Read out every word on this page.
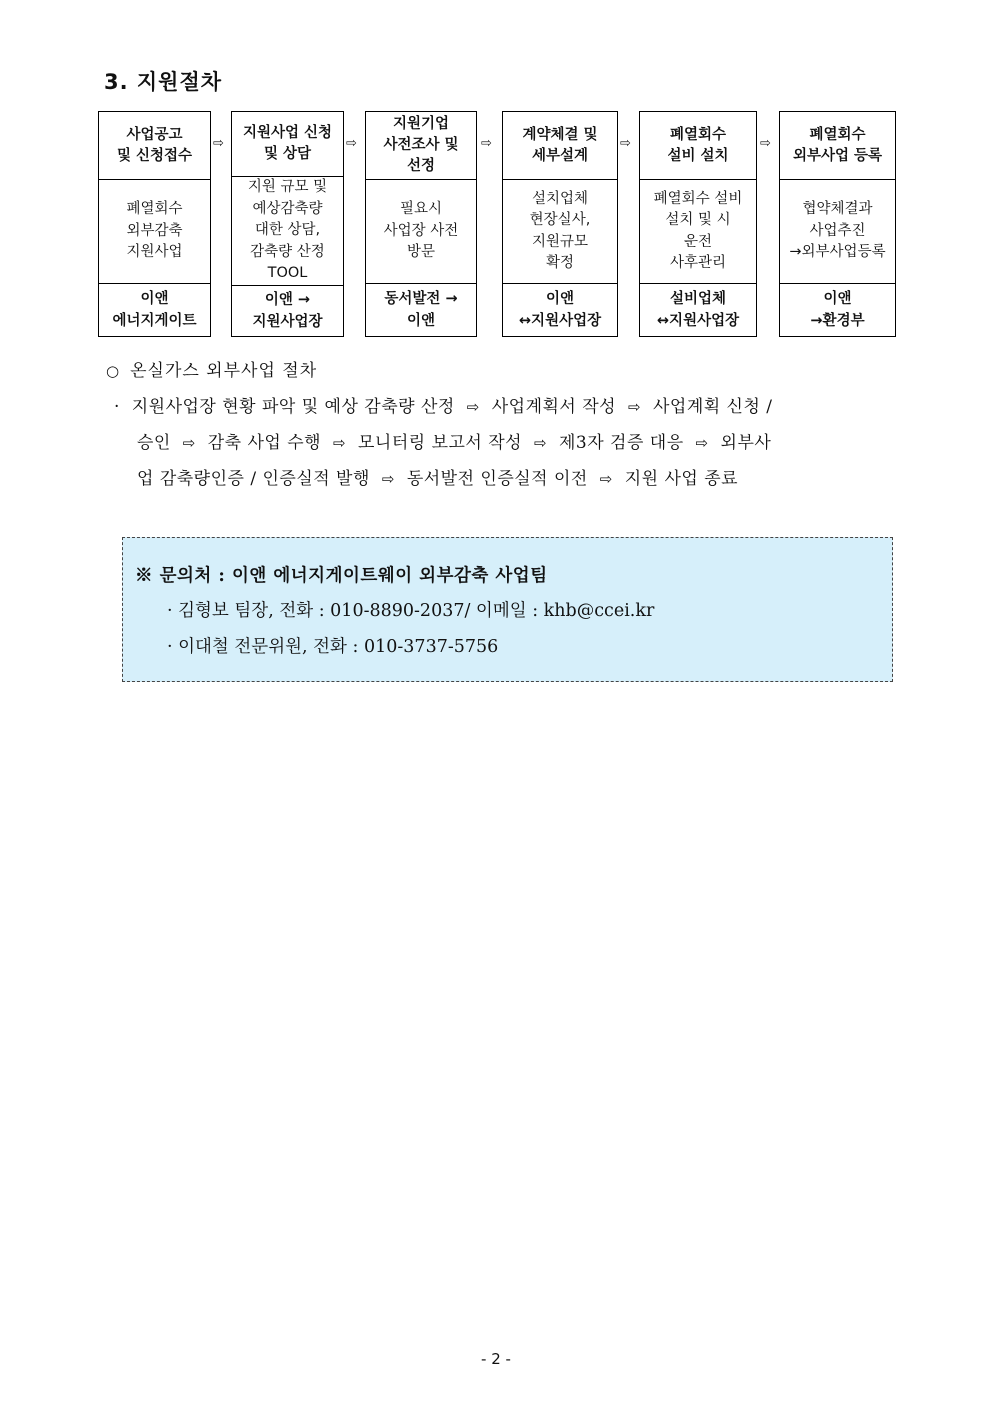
3. 지원절차
사업공고
및 신청접수
폐열회수
외부감축
지원사업
이앤
에너지게이트
⇨
지원사업 신청
및 상담
지원 규모 및
예상감축량
대한 상담,
감축량 산정
TOOL
이앤 →
지원사업장
⇨
지원기업
사전조사 및
선정
필요시
사업장 사전
방문
동서발전 →
이앤
⇨
계약체결 및
세부설계
설치업체
현장실사,
지원규모
확정
이앤
↔지원사업장
⇨
폐열회수
설비 설치
폐열회수 설비
설치 및 시
운전
사후관리
설비업체
↔지원사업장
⇨
폐열회수
외부사업 등록
협약체결과
사업추진
→외부사업등록
이앤
→환경부
○ 온실가스 외부사업 절차
· 지원사업장 현황 파악 및 예상 감축량 산정 ⇨ 사업계획서 작성 ⇨ 사업계획 신청 /
승인 ⇨ 감축 사업 수행 ⇨ 모니터링 보고서 작성 ⇨ 제3자 검증 대응 ⇨ 외부사
업 감축량인증 / 인증실적 발행 ⇨ 동서발전 인증실적 이전 ⇨ 지원 사업 종료
※ 문의처 : 이앤 에너지게이트웨이 외부감축 사업팀
· 김형보 팀장, 전화 : 010-8890-2037/ 이메일 : khb@ccei.kr
· 이대철 전문위원, 전화 : 010-3737-5756
- 2 -
